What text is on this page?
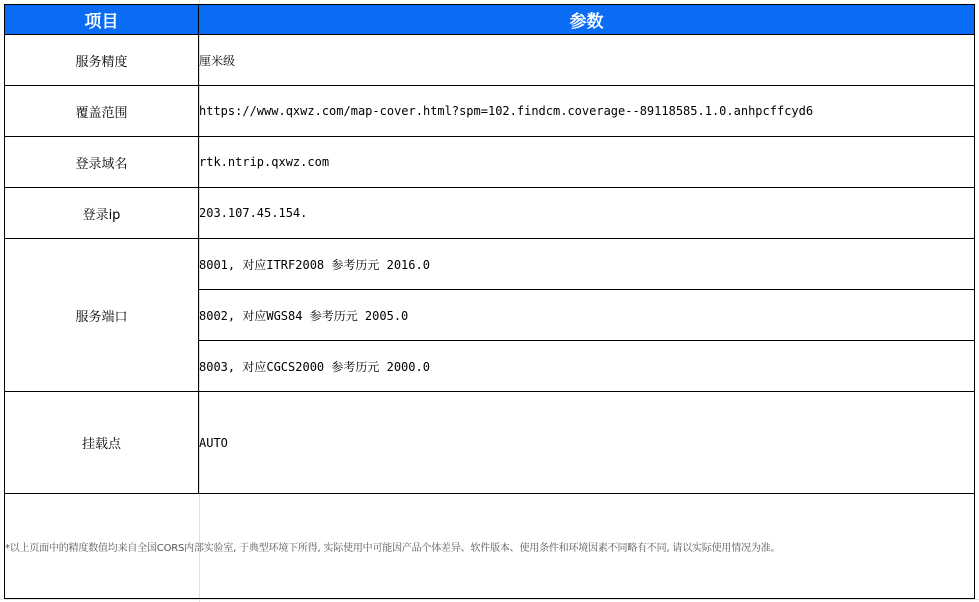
项目	参数
服务精度	厘米级
覆盖范围	https://www.qxwz.com/map-cover.html?spm=102.findcm.coverage--89118585.1.0.anhpcffcyd6
登录域名	rtk.ntrip.qxwz.com
登录ip	203.107.45.154.
服务端口	8001, 对应ITRF2008 参考历元 2016.0
	8002, 对应WGS84 参考历元 2005.0
	8003, 对应CGCS2000 参考历元 2000.0
挂载点	AUTO
*以上页面中的精度数值均来自全国CORS内部实验室, 于典型环境下所得, 实际使用中可能因产品个体差异、软件版本、使用条件和环境因素不同略有不同, 请以实际使用情况为准。	
